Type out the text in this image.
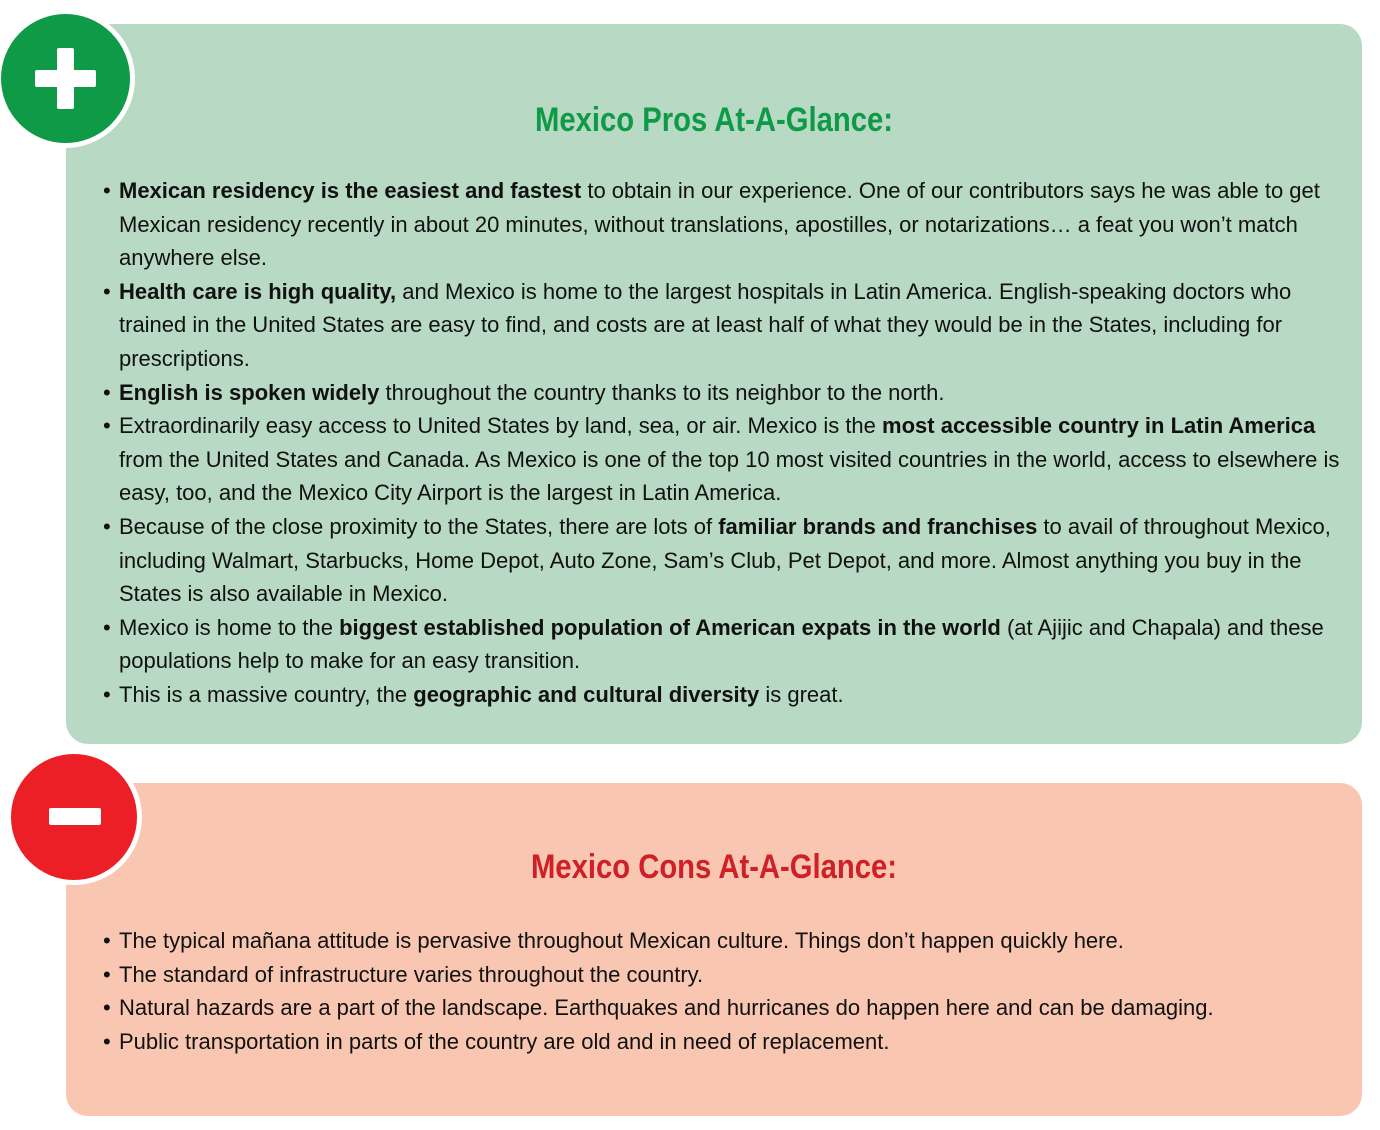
Mexico Pros At-A-Glance:
• Mexican residency is the easiest and fastest to obtain in our experience. One of our contributors says he was able to get Mexican residency recently in about 20 minutes, without translations, apostilles, or notarizations… a feat you won’t match anywhere else.
• Health care is high quality, and Mexico is home to the largest hospitals in Latin America. English-speaking doctors who trained in the United States are easy to find, and costs are at least half of what they would be in the States, including for prescriptions.
• English is spoken widely throughout the country thanks to its neighbor to the north.
• Extraordinarily easy access to United States by land, sea, or air. Mexico is the most accessible country in Latin America from the United States and Canada. As Mexico is one of the top 10 most visited countries in the world, access to elsewhere is easy, too, and the Mexico City Airport is the largest in Latin America.
• Because of the close proximity to the States, there are lots of familiar brands and franchises to avail of throughout Mexico, including Walmart, Starbucks, Home Depot, Auto Zone, Sam’s Club, Pet Depot, and more. Almost anything you buy in the States is also available in Mexico.
• Mexico is home to the biggest established population of American expats in the world (at Ajijic and Chapala) and these populations help to make for an easy transition.
• This is a massive country, the geographic and cultural diversity is great.
Mexico Cons At-A-Glance:
• The typical mañana attitude is pervasive throughout Mexican culture. Things don’t happen quickly here.
• The standard of infrastructure varies throughout the country.
• Natural hazards are a part of the landscape. Earthquakes and hurricanes do happen here and can be damaging.
• Public transportation in parts of the country are old and in need of replacement.
